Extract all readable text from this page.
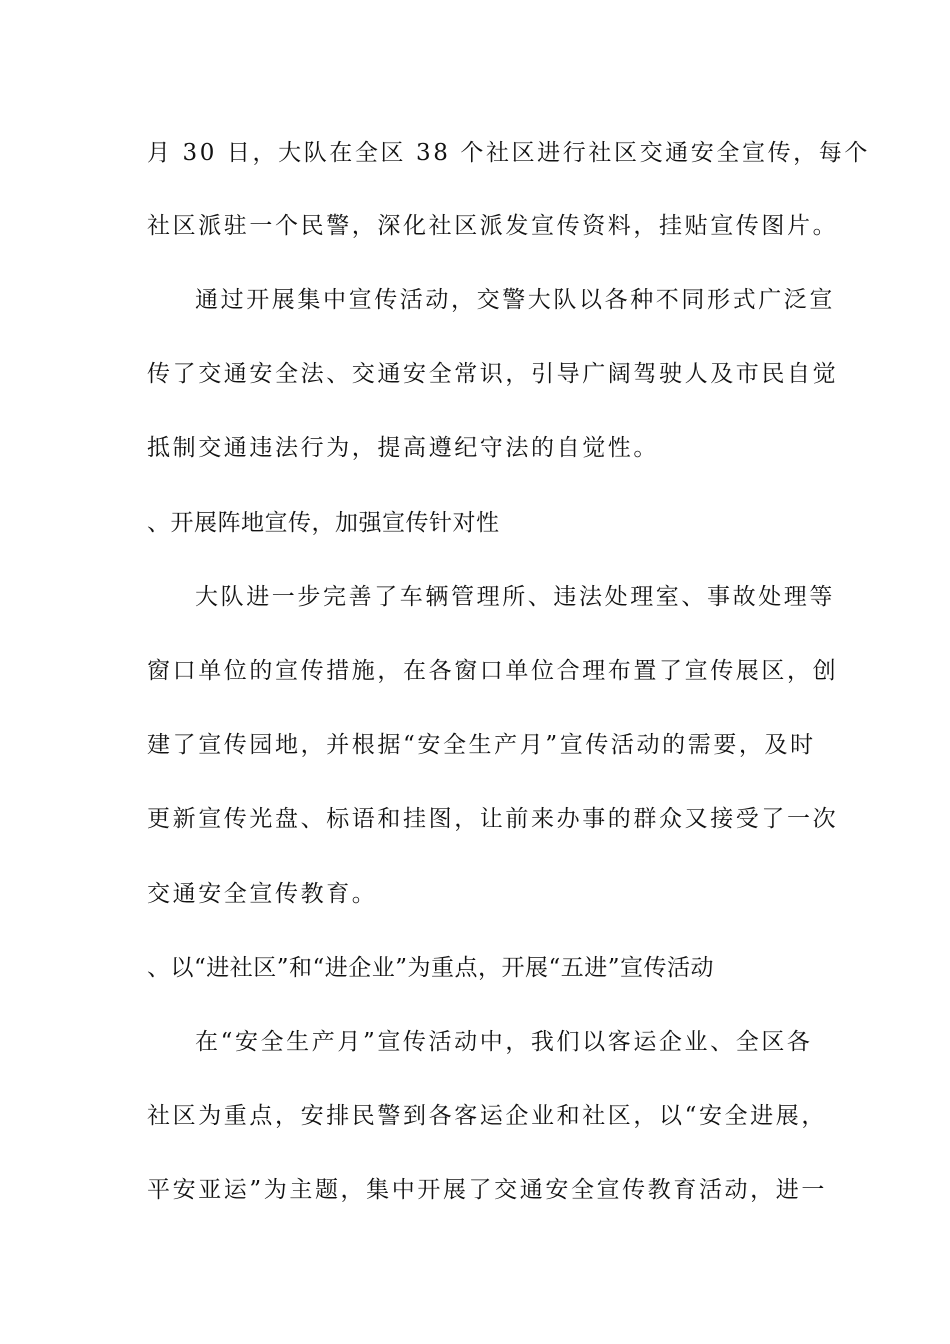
月 30 日，大队在全区 38 个社区进行社区交通安全宣传，每个

社区派驻一个民警，深化社区派发宣传资料，挂贴宣传图片。

通过开展集中宣传活动，交警大队以各种不同形式广泛宣

传了交通安全法、交通安全常识，引导广阔驾驶人及市民自觉

抵制交通违法行为，提高遵纪守法的自觉性。

、开展阵地宣传，加强宣传针对性

大队进一步完善了车辆管理所、违法处理室、事故处理等

窗口单位的宣传措施，在各窗口单位合理布置了宣传展区，创

建了宣传园地，并根据“安全生产月”宣传活动的需要，及时

更新宣传光盘、标语和挂图，让前来办事的群众又接受了一次

交通安全宣传教育。

、以“进社区”和“进企业”为重点，开展“五进”宣传活动

在“安全生产月”宣传活动中，我们以客运企业、全区各

社区为重点，安排民警到各客运企业和社区，以“安全进展，

平安亚运”为主题，集中开展了交通安全宣传教育活动，进一
